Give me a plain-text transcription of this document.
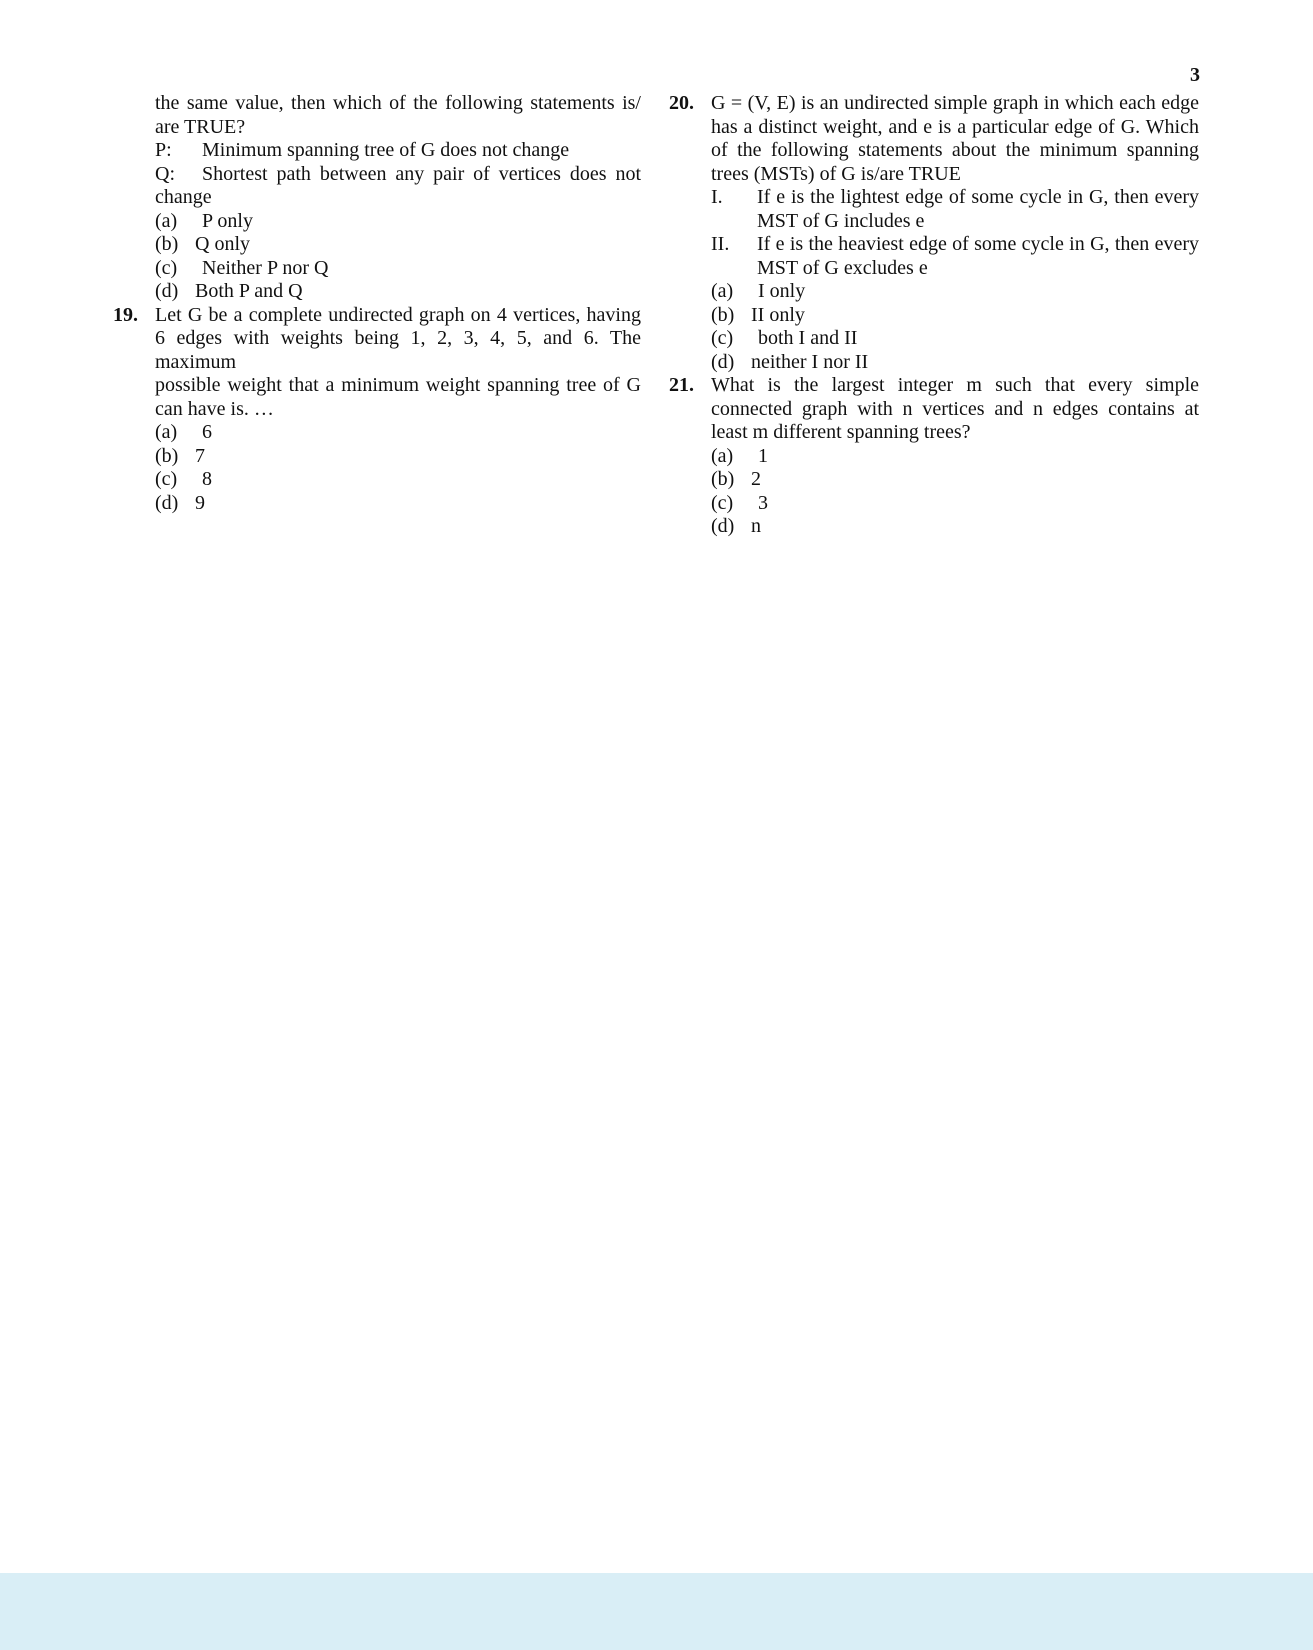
3
the same value, then which of the following statements is/
are TRUE?
P:	Minimum spanning tree of G does not change
Q:	Shortest path between any pair of vertices does not
change
(a)	P only
(b) Q only
(c)	Neither P nor Q
(d) Both P and Q
19. Let G be a complete undirected graph on 4 vertices, having
6 edges with weights being 1, 2, 3, 4, 5, and 6. The maximum
possible weight that a minimum weight spanning tree of G
can have is. …
(a)	6
(b) 7
(c)	8
(d) 9
20. G = (V, E) is an undirected simple graph in which each edge
has a distinct weight, and e is a particular edge of G. Which
of the following statements about the minimum spanning
trees (MSTs) of G is/are TRUE
I.	If e is the lightest edge of some cycle in G, then every
MST of G includes e
II.	If e is the heaviest edge of some cycle in G, then every
MST of G excludes e
(a)	I only
(b) II only
(c)	both I and II
(d) neither I nor II
21. What is the largest integer m such that every simple
connected graph with n vertices and n edges contains at
least m different spanning trees?
(a)	1
(b) 2
(c)	3
(d) n
